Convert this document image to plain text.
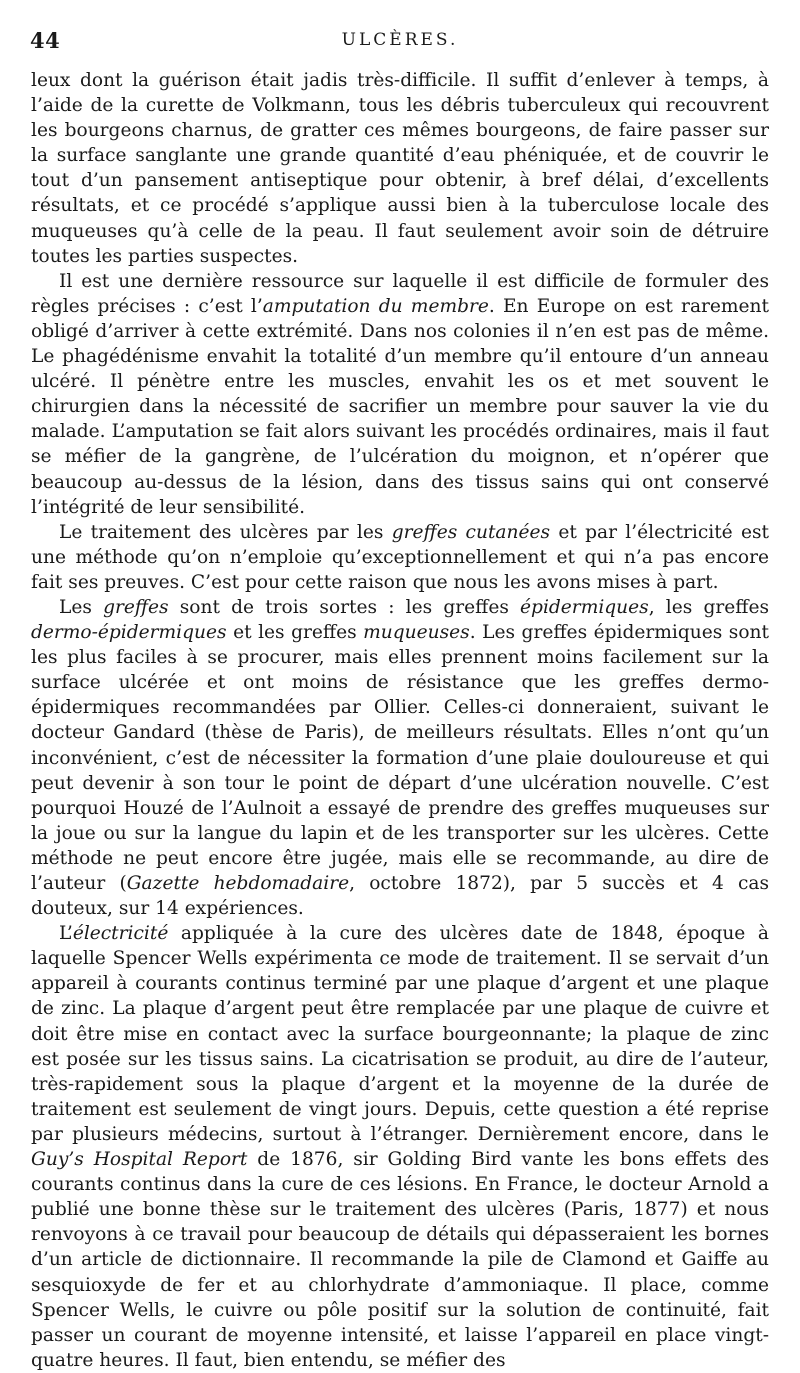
44	ULCÈRES.

leux dont la guérison était jadis très-difficile. Il suffit d’enlever à temps, à l’aide de la curette de Volkmann, tous les débris tuberculeux qui recouvrent les bourgeons charnus, de gratter ces mêmes bourgeons, de faire passer sur la surface sanglante une grande quantité d’eau phéniquée, et de couvrir le tout d’un pansement antiseptique pour obtenir, à bref délai, d’excellents résultats, et ce procédé s’applique aussi bien à la tuberculose locale des muqueuses qu’à celle de la peau. Il faut seulement avoir soin de détruire toutes les parties suspectes.

Il est une dernière ressource sur laquelle il est difficile de formuler des règles précises : c’est l’amputation du membre. En Europe on est rarement obligé d’arriver à cette extrémité. Dans nos colonies il n’en est pas de même. Le phagédénisme envahit la totalité d’un membre qu’il entoure d’un anneau ulcéré. Il pénètre entre les muscles, envahit les os et met souvent le chirurgien dans la nécessité de sacrifier un membre pour sauver la vie du malade. L’amputation se fait alors suivant les procédés ordinaires, mais il faut se méfier de la gangrène, de l’ulcération du moignon, et n’opérer que beaucoup au-dessus de la lésion, dans des tissus sains qui ont conservé l’intégrité de leur sensibilité.

Le traitement des ulcères par les greffes cutanées et par l’électricité est une méthode qu’on n’emploie qu’exceptionnellement et qui n’a pas encore fait ses preuves. C’est pour cette raison que nous les avons mises à part.

Les greffes sont de trois sortes : les greffes épidermiques, les greffes dermo-épidermiques et les greffes muqueuses. Les greffes épidermiques sont les plus faciles à se procurer, mais elles prennent moins facilement sur la surface ulcérée et ont moins de résistance que les greffes dermo-épidermiques recommandées par Ollier. Celles-ci donneraient, suivant le docteur Gandard (thèse de Paris), de meilleurs résultats. Elles n’ont qu’un inconvénient, c’est de nécessiter la formation d’une plaie douloureuse et qui peut devenir à son tour le point de départ d’une ulcération nouvelle. C’est pourquoi Houzé de l’Aulnoit a essayé de prendre des greffes muqueuses sur la joue ou sur la langue du lapin et de les transporter sur les ulcères. Cette méthode ne peut encore être jugée, mais elle se recommande, au dire de l’auteur (Gazette hebdomadaire, octobre 1872), par 5 succès et 4 cas douteux, sur 14 expériences.

L’électricité appliquée à la cure des ulcères date de 1848, époque à laquelle Spencer Wells expérimenta ce mode de traitement. Il se servait d’un appareil à courants continus terminé par une plaque d’argent et une plaque de zinc. La plaque d’argent peut être remplacée par une plaque de cuivre et doit être mise en contact avec la surface bourgeonnante; la plaque de zinc est posée sur les tissus sains. La cicatrisation se produit, au dire de l’auteur, très-rapidement sous la plaque d’argent et la moyenne de la durée de traitement est seulement de vingt jours. Depuis, cette question a été reprise par plusieurs médecins, surtout à l’étranger. Dernièrement encore, dans le Guy’s Hospital Report de 1876, sir Golding Bird vante les bons effets des courants continus dans la cure de ces lésions. En France, le docteur Arnold a publié une bonne thèse sur le traitement des ulcères (Paris, 1877) et nous renvoyons à ce travail pour beaucoup de détails qui dépasseraient les bornes d’un article de dictionnaire. Il recommande la pile de Clamond et Gaiffe au sesquioxyde de fer et au chlorhydrate d’ammoniaque. Il place, comme Spencer Wells, le cuivre ou pôle positif sur la solution de continuité, fait passer un courant de moyenne intensité, et laisse l’appareil en place vingt-quatre heures. Il faut, bien entendu, se méfier des
